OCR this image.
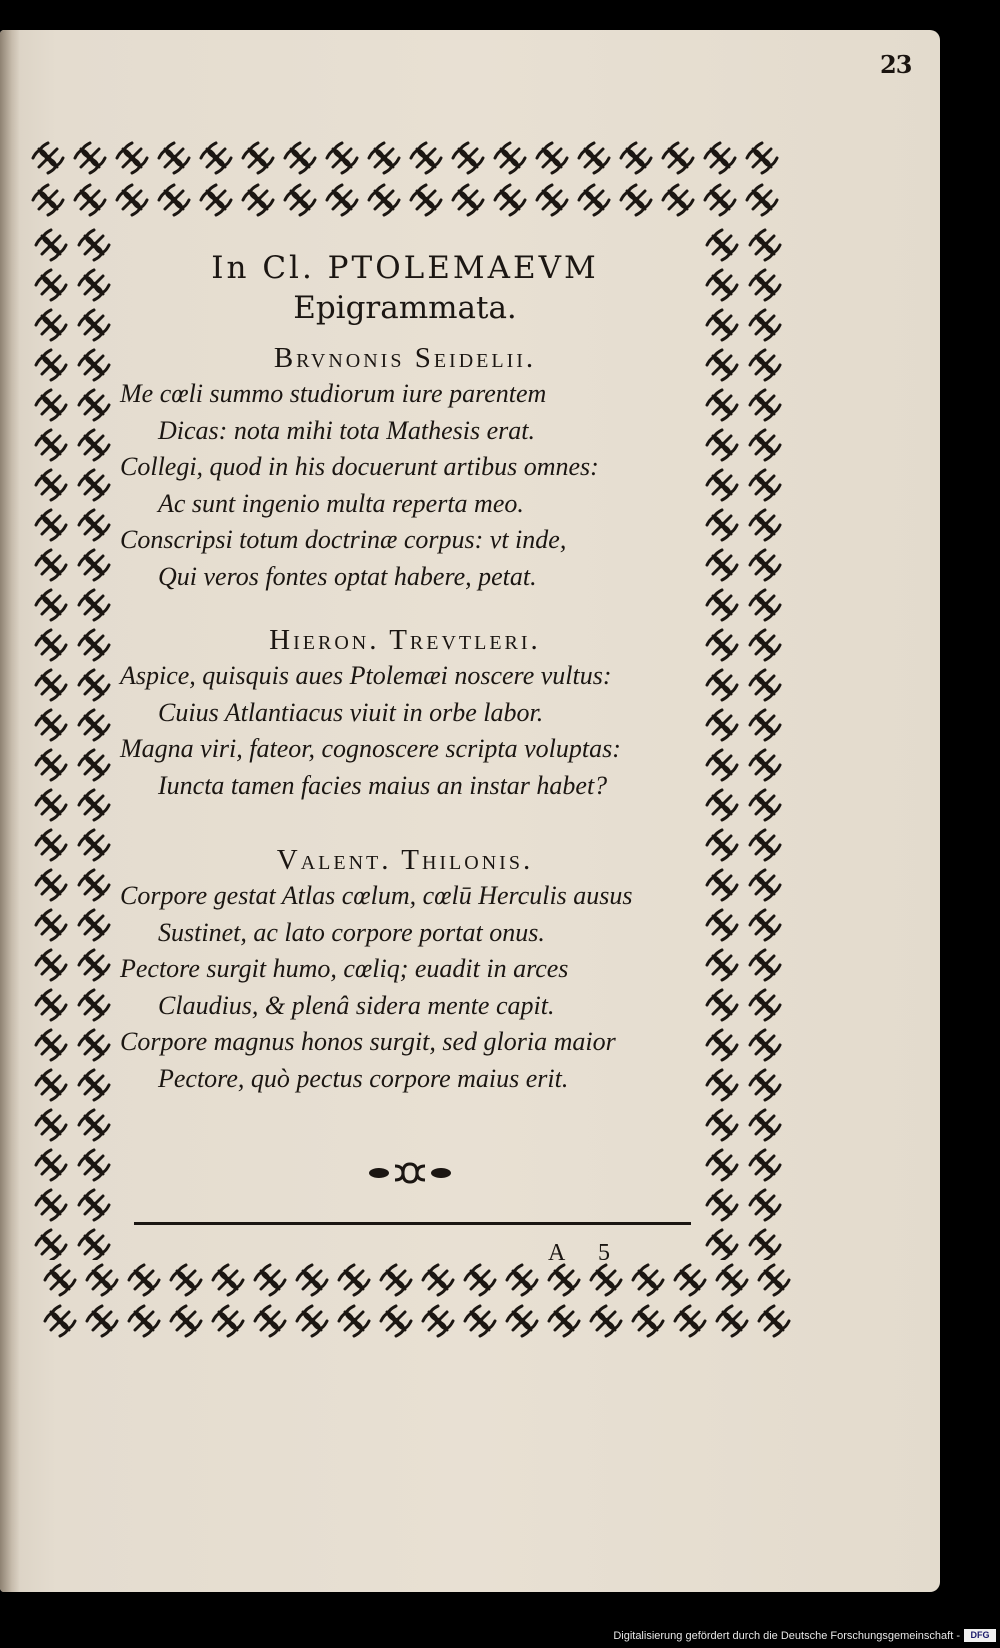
23
In Cl. PTOLEMAEVM
Epigrammata.
Brvnonis Seidelii.
Me cœli summo studiorum iure parentem
Dicas: nota mihi tota Mathesis erat.
Collegi, quod in his docuerunt artibus omnes:
Ac sunt ingenio multa reperta meo.
Conscripsi totum doctrinæ corpus: vt inde,
Qui veros fontes optat habere, petat.
Hieron. Trevtleri.
Aspice, quisquis aues Ptolemæi noscere vultus:
Cuius Atlantiacus viuit in orbe labor.
Magna viri, fateor, cognoscere scripta voluptas:
Iuncta tamen facies maius an instar habet?
Valent. Thilonis.
Corpore gestat Atlas cœlum, cœlū Herculis ausus
Sustinet, ac lato corpore portat onus.
Pectore surgit humo, cœliq; euadit in arces
Claudius, & plenâ sidera mente capit.
Corpore magnus honos surgit, sed gloria maior
Pectore, quò pectus corpore maius erit.
A 5
Digitalisierung gefördert durch die Deutsche Forschungsgemeinschaft -	DFG
